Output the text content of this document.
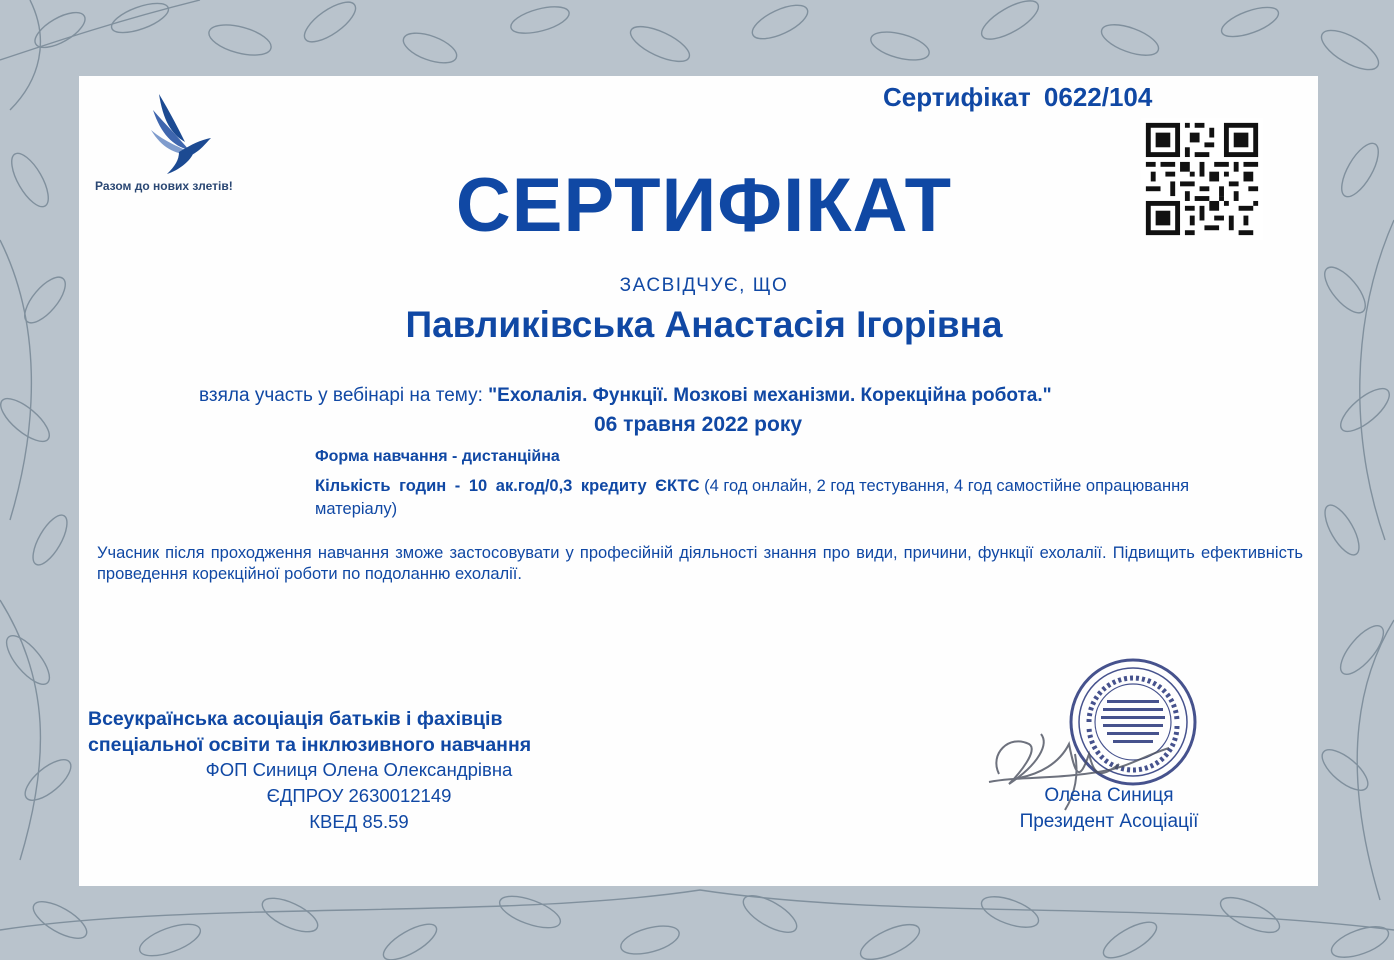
Разом до нових злетів!
Сертифікат 0622/104
СЕРТИФІКАТ
ЗАСВІДЧУЄ, ЩО
Павликівська Анастасія Ігорівна
взяла участь у вебінарі на тему: "Ехолалія. Функції. Мозкові механізми. Корекційна робота."
06 травня 2022 року
Форма навчання - дистанційна
Кількість годин - 10 ак.год/0,3 кредиту ЄКТС (4 год онлайн, 2 год тестування, 4 год самостійне опрацювання матеріалу)
Учасник після проходження навчання зможе застосовувати у професійній діяльності знання про види, причини, функції ехолалії. Підвищить ефективність проведення корекційної роботи по подоланню ехолалії.
Всеукраїнська асоціація батьків і фахівців
спеціальної освіти та інклюзивного навчання
ФОП Синиця Олена Олександрівна
ЄДПРОУ 2630012149
КВЕД 85.59
Олена Синиця
Президент Асоціації
